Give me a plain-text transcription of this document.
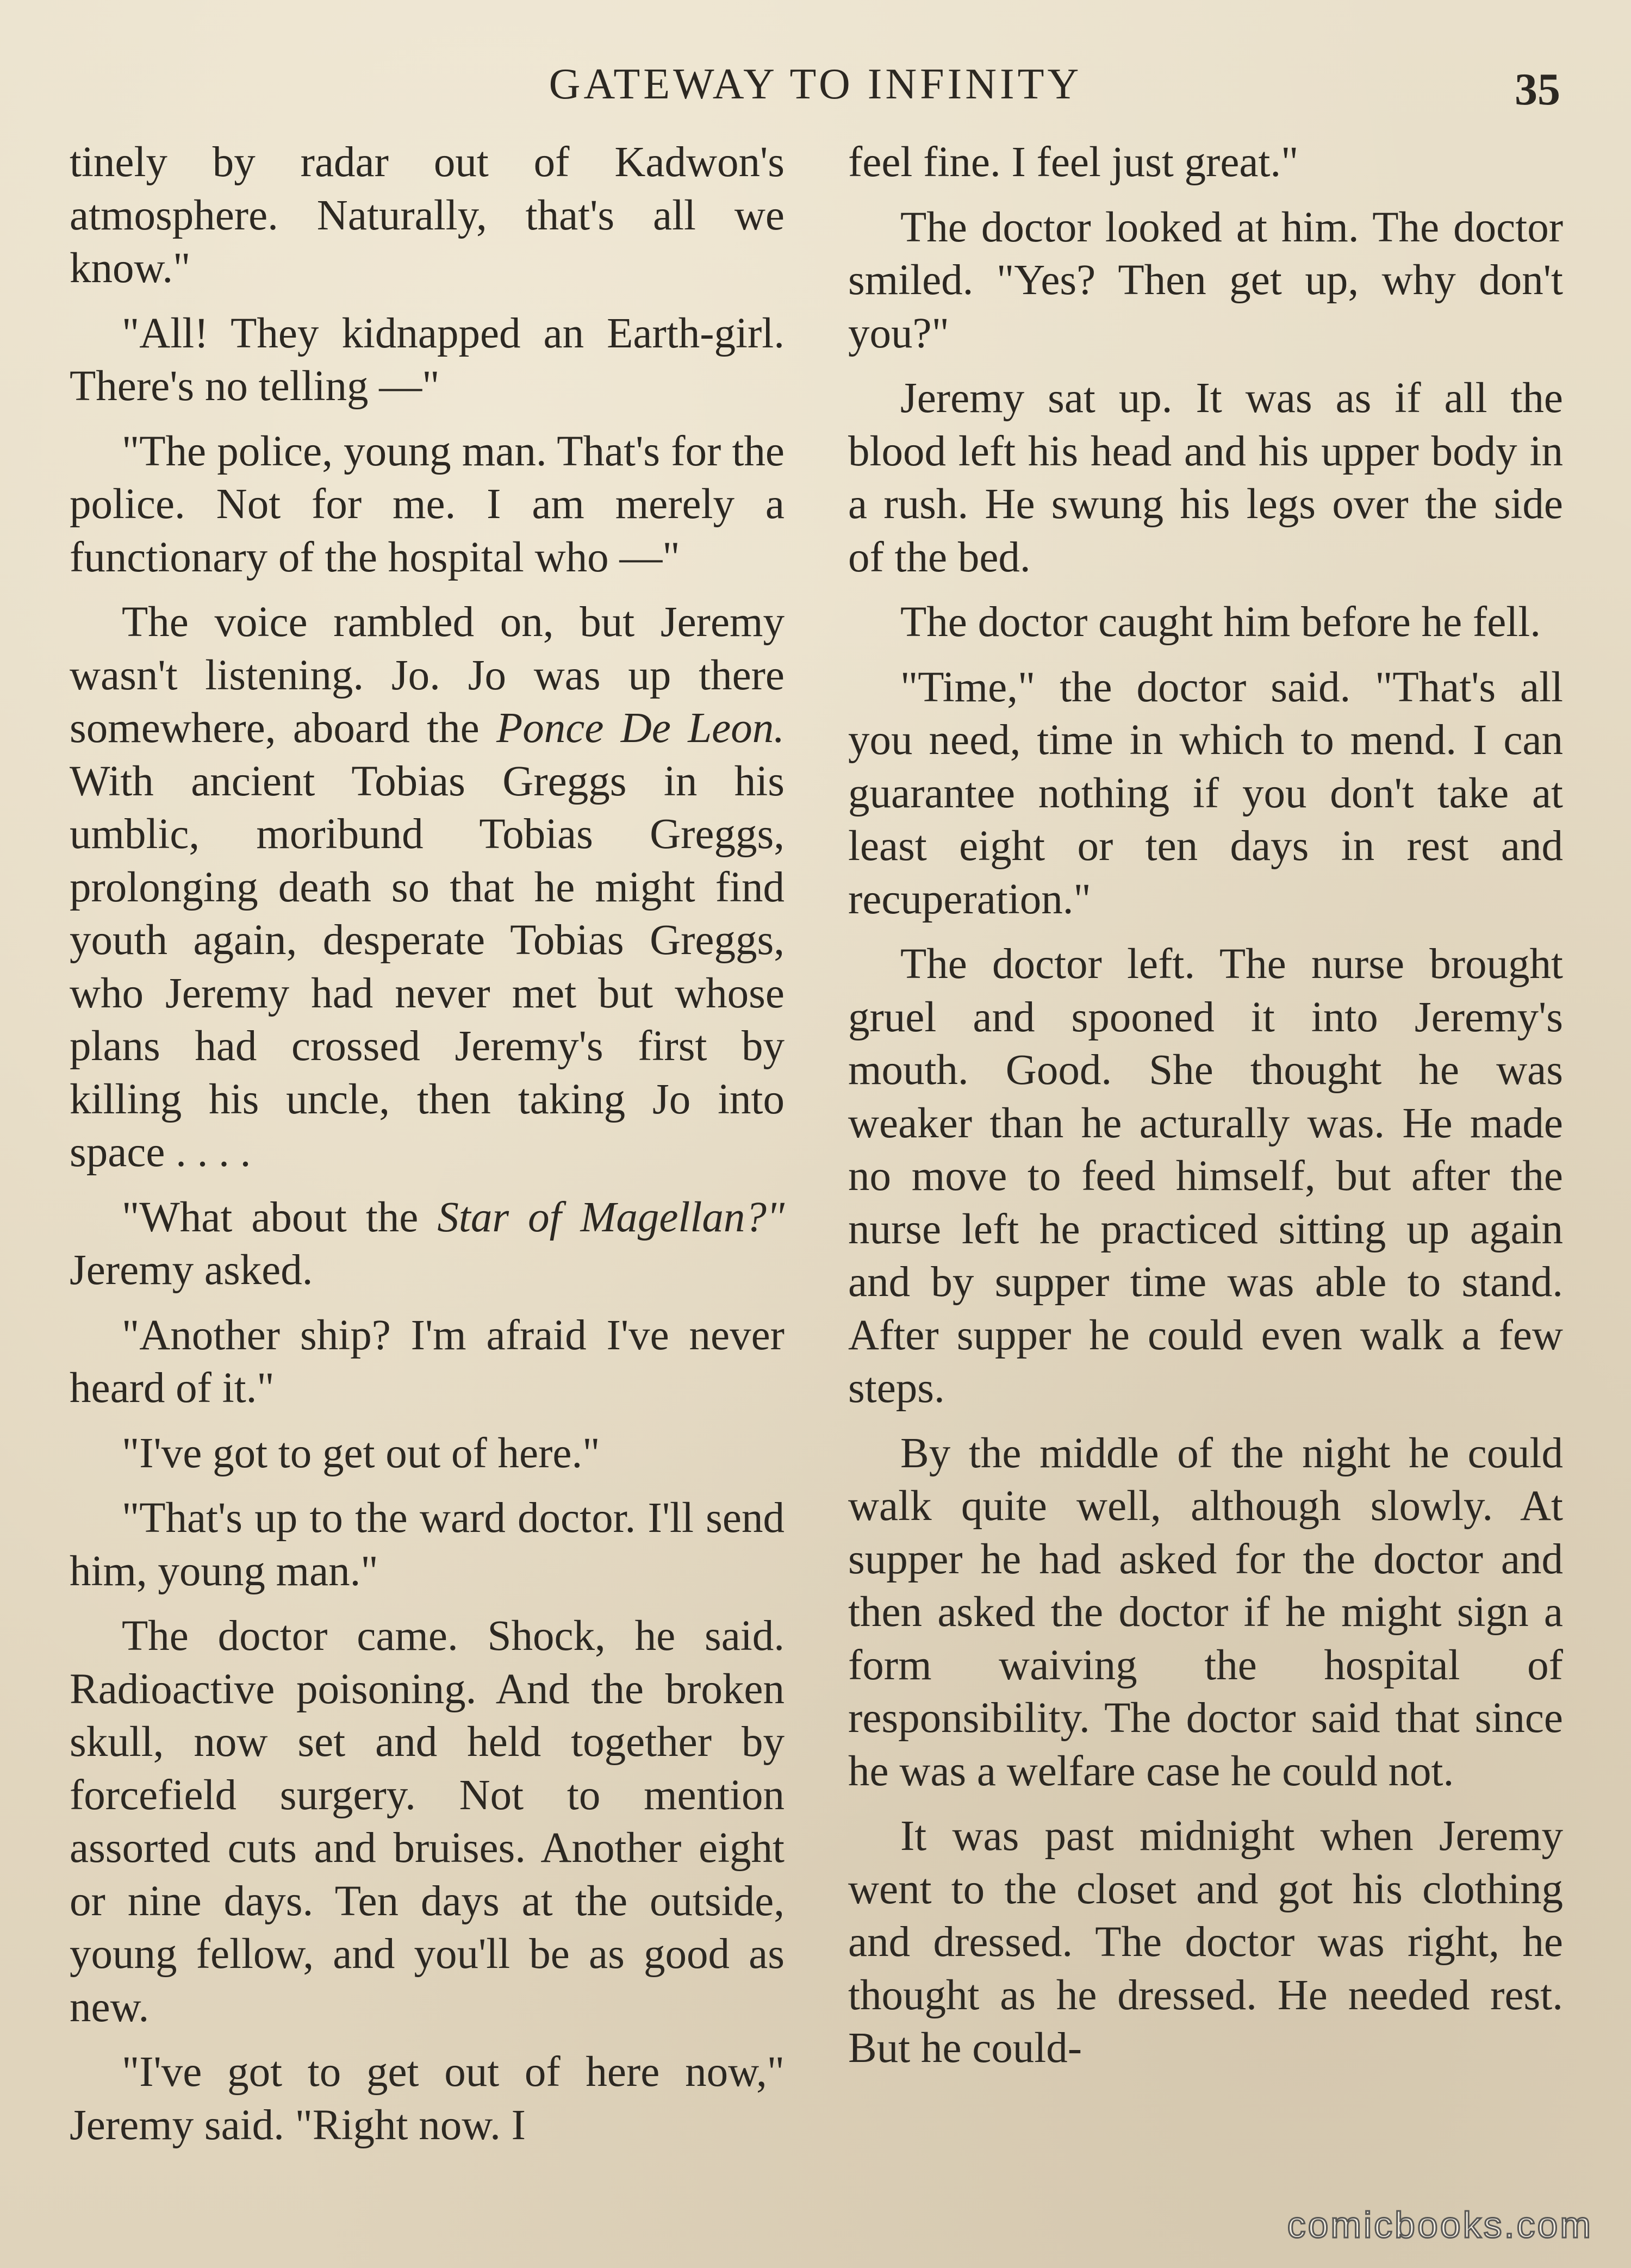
GATEWAY TO INFINITY	35

tinely by radar out of Kadwon's atmosphere. Naturally, that's all we know."

"All! They kidnapped an Earth-girl. There's no telling —"

"The police, young man. That's for the police. Not for me. I am merely a functionary of the hospital who —"

The voice rambled on, but Jeremy wasn't listening. Jo. Jo was up there somewhere, aboard the Ponce De Leon. With ancient Tobias Greggs in his umblic, moribund Tobias Greggs, prolonging death so that he might find youth again, desperate Tobias Greggs, who Jeremy had never met but whose plans had crossed Jeremy's first by killing his uncle, then taking Jo into space . . . .

"What about the Star of Magellan?" Jeremy asked.

"Another ship? I'm afraid I've never heard of it."

"I've got to get out of here."

"That's up to the ward doctor. I'll send him, young man."

The doctor came. Shock, he said. Radioactive poisoning. And the broken skull, now set and held together by forcefield surgery. Not to mention assorted cuts and bruises. Another eight or nine days. Ten days at the outside, young fellow, and you'll be as good as new.

"I've got to get out of here now," Jeremy said. "Right now. I

feel fine. I feel just great."

The doctor looked at him. The doctor smiled. "Yes? Then get up, why don't you?"

Jeremy sat up. It was as if all the blood left his head and his upper body in a rush. He swung his legs over the side of the bed.

The doctor caught him before he fell.

"Time," the doctor said. "That's all you need, time in which to mend. I can guarantee nothing if you don't take at least eight or ten days in rest and recuperation."

The doctor left. The nurse brought gruel and spooned it into Jeremy's mouth. Good. She thought he was weaker than he acturally was. He made no move to feed himself, but after the nurse left he practiced sitting up again and by supper time was able to stand. After supper he could even walk a few steps.

By the middle of the night he could walk quite well, although slowly. At supper he had asked for the doctor and then asked the doctor if he might sign a form waiving the hospital of responsibility. The doctor said that since he was a welfare case he could not.

It was past midnight when Jeremy went to the closet and got his clothing and dressed. The doctor was right, he thought as he dressed. He needed rest. But he could-

comicbooks.com
